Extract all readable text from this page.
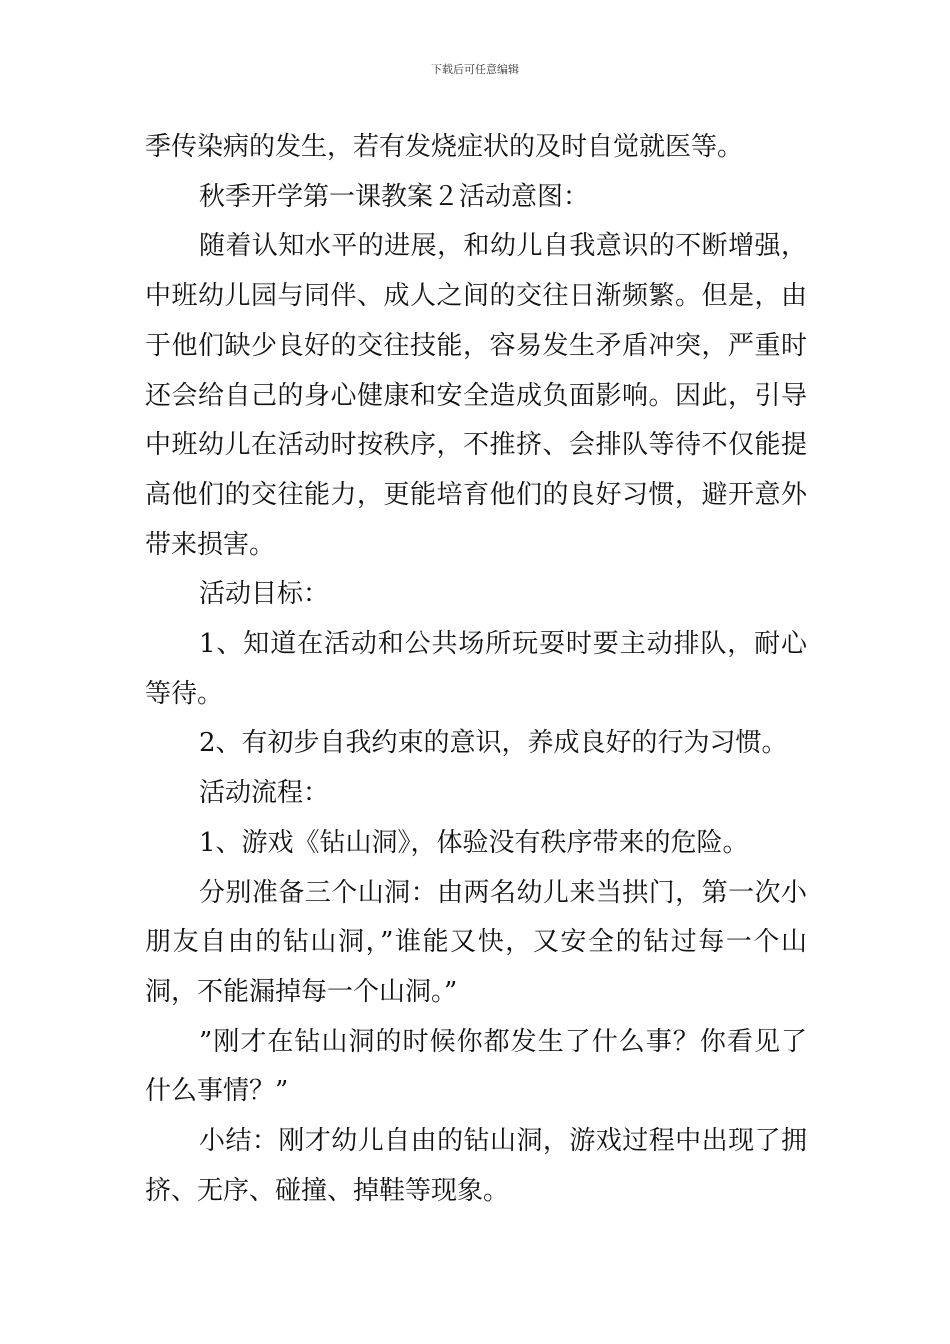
下载后可任意编辑

季传染病的发生，若有发烧症状的及时自觉就医等。

秋季开学第一课教案２活动意图：

随着认知水平的进展，和幼儿自我意识的不断增强，中班幼儿园与同伴、成人之间的交往日渐频繁。但是，由于他们缺少良好的交往技能，容易发生矛盾冲突，严重时还会给自己的身心健康和安全造成负面影响。因此，引导中班幼儿在活动时按秩序，不推挤、会排队等待不仅能提高他们的交往能力，更能培育他们的良好习惯，避开意外带来损害。

活动目标：

1、知道在活动和公共场所玩耍时要主动排队，耐心等待。

2、有初步自我约束的意识，养成良好的行为习惯。

活动流程：

1、游戏《钻山洞》，体验没有秩序带来的危险。

分别准备三个山洞：由两名幼儿来当拱门，第一次小朋友自由的钻山洞，”谁能又快，又安全的钻过每一个山洞，不能漏掉每一个山洞。”

”刚才在钻山洞的时候你都发生了什么事？你看见了什么事情？”

小结：刚才幼儿自由的钻山洞，游戏过程中出现了拥挤、无序、碰撞、掉鞋等现象。
